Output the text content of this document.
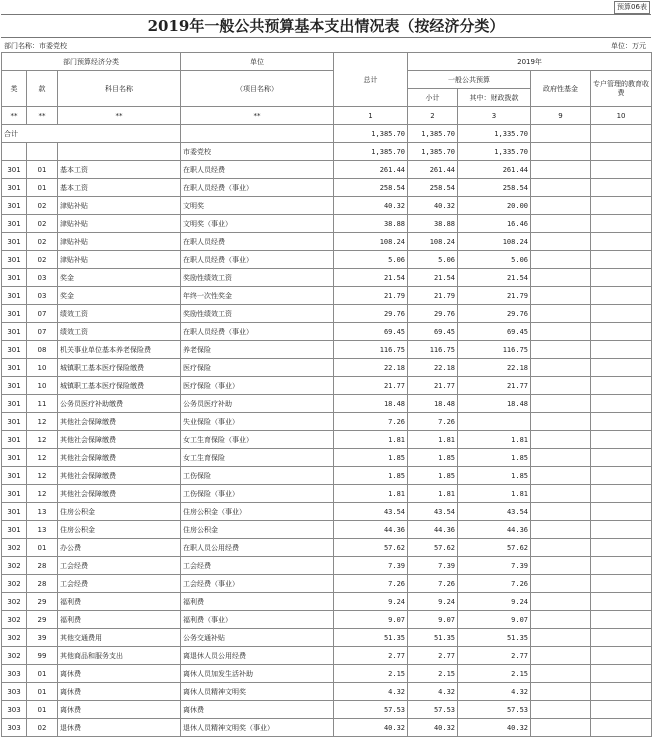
预算06表
2019年一般公共预算基本支出情况表（按经济分类）
部门名称：市委党校	单位：万元
部门预算经济分类			单位	总计	2019年			
类	款	科目名称	（项目名称）		一般公共预算		政府性基金	专户管理的教育收费
					小计	其中：财政拨款		
**	**	**	**	1	2	3	9	10
合计				1,385.70	1,385.70	1,335.70		
			市委党校	1,385.70	1,385.70	1,335.70		
301	01	基本工资	在职人员经费	261.44	261.44	261.44		
301	01	基本工资	在职人员经费（事业）	258.54	258.54	258.54		
301	02	津贴补贴	文明奖	40.32	40.32	20.00		
301	02	津贴补贴	文明奖（事业）	38.88	38.88	16.46		
301	02	津贴补贴	在职人员经费	108.24	108.24	108.24		
301	02	津贴补贴	在职人员经费（事业）	5.06	5.06	5.06		
301	03	奖金	奖励性绩效工资	21.54	21.54	21.54		
301	03	奖金	年终一次性奖金	21.79	21.79	21.79		
301	07	绩效工资	奖励性绩效工资	29.76	29.76	29.76		
301	07	绩效工资	在职人员经费（事业）	69.45	69.45	69.45		
301	08	机关事业单位基本养老保险费	养老保险	116.75	116.75	116.75		
301	10	城镇职工基本医疗保险缴费	医疗保险	22.18	22.18	22.18		
301	10	城镇职工基本医疗保险缴费	医疗保险（事业）	21.77	21.77	21.77		
301	11	公务员医疗补助缴费	公务员医疗补助	18.48	18.48	18.48		
301	12	其他社会保障缴费	失业保险（事业）	7.26	7.26			
301	12	其他社会保障缴费	女工生育保险（事业）	1.81	1.81	1.81		
301	12	其他社会保障缴费	女工生育保险	1.85	1.85	1.85		
301	12	其他社会保障缴费	工伤保险	1.85	1.85	1.85		
301	12	其他社会保障缴费	工伤保险（事业）	1.81	1.81	1.81		
301	13	住房公积金	住房公积金（事业）	43.54	43.54	43.54		
301	13	住房公积金	住房公积金	44.36	44.36	44.36		
302	01	办公费	在职人员公用经费	57.62	57.62	57.62		
302	28	工会经费	工会经费	7.39	7.39	7.39		
302	28	工会经费	工会经费（事业）	7.26	7.26	7.26		
302	29	福利费	福利费	9.24	9.24	9.24		
302	29	福利费	福利费（事业）	9.07	9.07	9.07		
302	39	其他交通费用	公务交通补贴	51.35	51.35	51.35		
302	99	其他商品和服务支出	离退休人员公用经费	2.77	2.77	2.77		
303	01	离休费	离休人员加发生活补助	2.15	2.15	2.15		
303	01	离休费	离休人员精神文明奖	4.32	4.32	4.32		
303	01	离休费	离休费	57.53	57.53	57.53		
303	02	退休费	退休人员精神文明奖（事业）	40.32	40.32	40.32		
